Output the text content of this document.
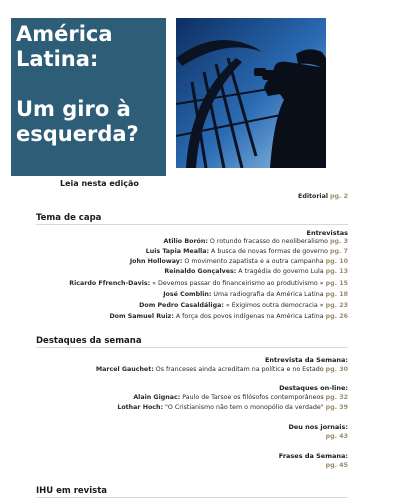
América
Latina:
Um giro à
esquerda?
Leia nesta edição
Editorial pg. 2
Tema de capa
Entrevistas
Atilio Borón: O rotundo fracasso do neoliberalismo pg. 3
Luis Tapia Mealla: A busca de novas formas de governo pg. 7
John Holloway: O movimento zapatista e a outra campanha pg. 10
Reinaldo Gonçalves: A tragédia do governo Lula pg. 13
Ricardo Ffrench-Davis: « Devemos passar do financeirismo ao produtivismo » pg. 15
José Comblin: Uma radiografia da América Latina pg. 18
Dom Pedro Casaldáliga: « Exigimos outra democracia » pg. 23
Dom Samuel Ruiz: A força dos povos indígenas na América Latina pg. 26
Destaques da semana
Entrevista da Semana:
Marcel Gauchet: Os franceses ainda acreditam na política e no Estado pg. 30
Destaques on-line:
Alain Gignac: Paulo de Tarsoe os filósofos contemporâneos pg. 32
Lothar Hoch: "O Cristianismo não tem o monopólio da verdade" pg. 39
Deu nos jornais:
pg. 43
Frases da Semana:
pg. 45
IHU em revista
